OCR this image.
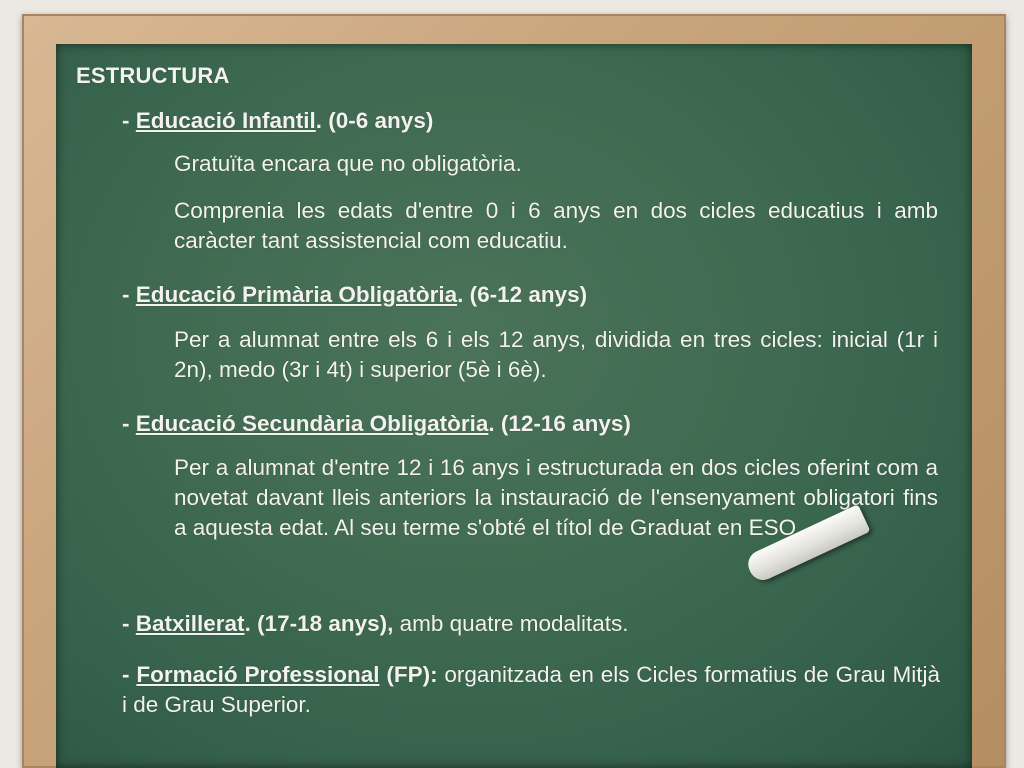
ESTRUCTURA
- Educació Infantil. (0-6 anys)
Gratuïta encara que no obligatòria.
Comprenia les edats d'entre 0 i 6 anys en dos cicles educatius i amb caràcter tant assistencial com educatiu.
- Educació Primària Obligatòria. (6-12 anys)
Per a alumnat entre els 6 i els 12 anys, dividida en tres cicles: inicial (1r i 2n), medo (3r i 4t) i superior (5è i 6è).
- Educació Secundària Obligatòria. (12-16 anys)
Per a alumnat d'entre 12 i 16 anys i estructurada en dos cicles oferint com a novetat davant lleis anteriors la instauració de l'ensenyament obligatori fins a aquesta edat. Al seu terme s'obté el títol de Graduat en ESO.
- Batxillerat. (17-18 anys), amb quatre modalitats.
- Formació Professional (FP): organitzada en els Cicles formatius de Grau Mitjà i de Grau Superior.
